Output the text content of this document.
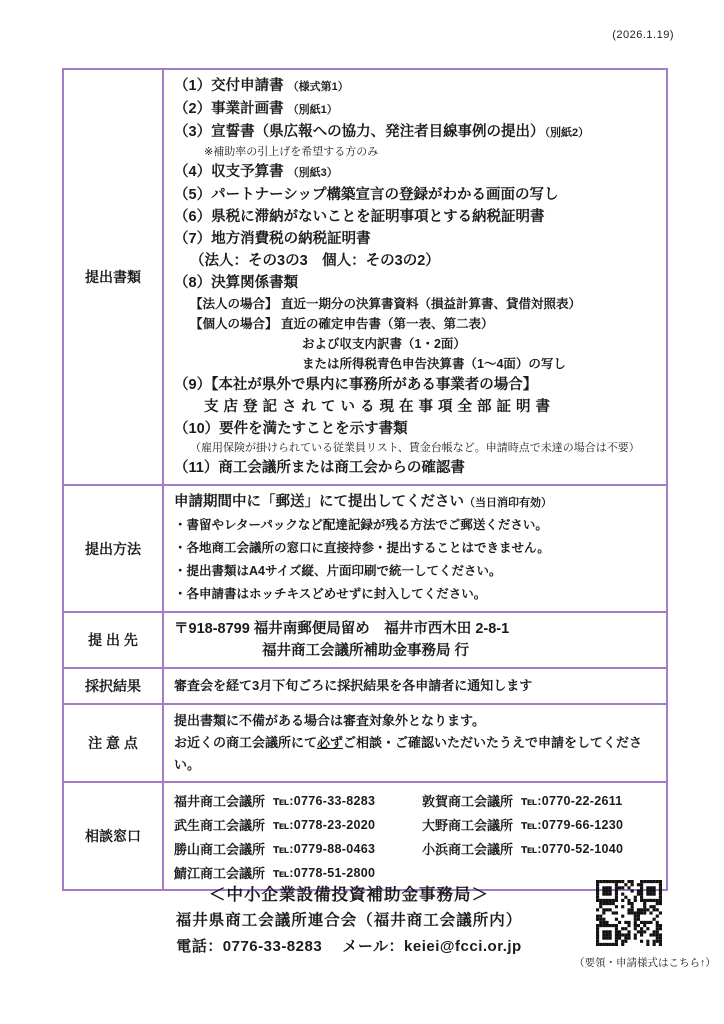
(2026.1.19)
提出書類
（1）交付申請書 （様式第1）
（2）事業計画書 （別紙1）
（3）宣誓書（県広報への協力、発注者目線事例の提出）（別紙2）
※補助率の引上げを希望する方のみ
（4）収支予算書 （別紙3）
（5）パートナーシップ構築宣言の登録がわかる画面の写し
（6）県税に滞納がないことを証明事項とする納税証明書
（7）地方消費税の納税証明書
（法人：その3の3　個人：その3の2）
（8）決算関係書類
【法人の場合】 直近一期分の決算書資料（損益計算書、貸借対照表）
【個人の場合】 直近の確定申告書（第一表、第二表）
および収支内訳書（1・2面）
または所得税青色申告決算書（1～4面）の写し
（9）【本社が県外で県内に事務所がある事業者の場合】
支店登記されている現在事項全部証明書
（10）要件を満たすことを示す書類
（雇用保険が掛けられている従業員リスト、賃金台帳など。申請時点で未達の場合は不要）
（11）商工会議所または商工会からの確認書
提出方法
申請期間中に「郵送」にて提出してください（当日消印有効）
・書留やレターパックなど配達記録が残る方法でご郵送ください。
・各地商工会議所の窓口に直接持参・提出することはできません。
・提出書類はA4サイズ縦、片面印刷で統一してください。
・各申請書はホッチキスどめせずに封入してください。
提 出 先
〒918-8799 福井南郵便局留め　福井市西木田 2-8-1
福井商工会議所補助金事務局 行
採択結果	審査会を経て3月下旬ごろに採択結果を各申請者に通知します
注 意 点
提出書類に不備がある場合は審査対象外となります。
お近くの商工会議所にて必ずご相談・ご確認いただいたうえで申請をしてください。
相談窓口
福井商工会議所 ℡:0776-33-8283
武生商工会議所 ℡:0778-23-2020
勝山商工会議所 ℡:0779-88-0463
鯖江商工会議所 ℡:0778-51-2800
敦賀商工会議所 ℡:0770-22-2611
大野商工会議所 ℡:0779-66-1230
小浜商工会議所 ℡:0770-52-1040
＜中小企業設備投資補助金事務局＞
福井県商工会議所連合会（福井商工会議所内）
電話：0776-33-8283　 メール：keiei@fcci.or.jp
（要領・申請様式はこちら↑）
